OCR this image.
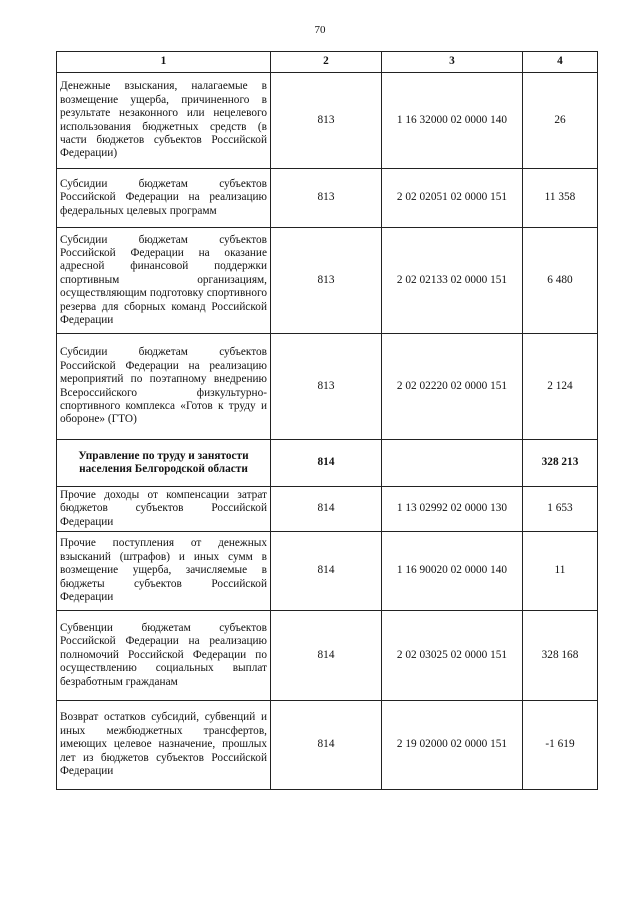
70
1	2	3	4
Денежные взыскания, налагаемые в возмещение ущерба, причиненного в результате незаконного или нецелевого использования бюджетных средств (в части бюджетов субъектов Российской Федерации)	813	1 16 32000 02 0000 140	26
Субсидии бюджетам субъектов Российской Федерации на реализацию федеральных целевых программ	813	2 02 02051 02 0000 151	11 358
Субсидии бюджетам субъектов Российской Федерации на оказание адресной финансовой поддержки спортивным организациям, осуществляющим подготовку спортивного резерва для сборных команд Российской Федерации	813	2 02 02133 02 0000 151	6 480
Субсидии бюджетам субъектов Российской Федерации на реализацию мероприятий по поэтапному внедрению Всероссийского физкультурно-спортивного комплекса «Готов к труду и обороне» (ГТО)	813	2 02 02220 02 0000 151	2 124
Управление по труду и занятости населения Белгородской области	814		328 213
Прочие доходы от компенсации затрат бюджетов субъектов Российской Федерации	814	1 13 02992 02 0000 130	1 653
Прочие поступления от денежных взысканий (штрафов) и иных сумм в возмещение ущерба, зачисляемые в бюджеты субъектов Российской Федерации	814	1 16 90020 02 0000 140	11
Субвенции бюджетам субъектов Российской Федерации на реализацию полномочий Российской Федерации по осуществлению социальных выплат безработным гражданам	814	2 02 03025 02 0000 151	328 168
Возврат остатков субсидий, субвенций и иных межбюджетных трансфертов, имеющих целевое назначение, прошлых лет из бюджетов субъектов Российской Федерации	814	2 19 02000 02 0000 151	-1 619
